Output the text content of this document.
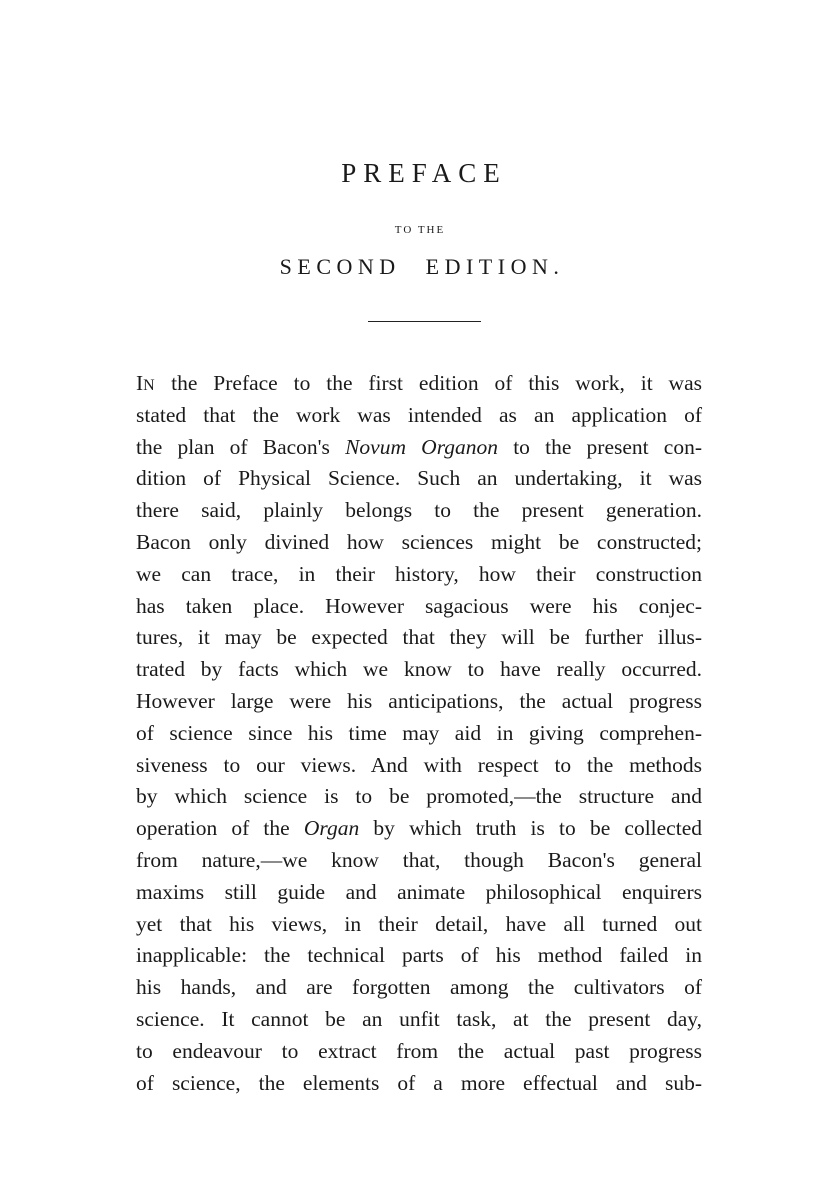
PREFACE
TO THE
SECOND EDITION.
IN the Preface to the first edition of this work, it was
stated that the work was intended as an application of
the plan of Bacon's Novum Organon to the present con-
dition of Physical Science. Such an undertaking, it was
there said, plainly belongs to the present generation.
Bacon only divined how sciences might be constructed;
we can trace, in their history, how their construction
has taken place. However sagacious were his conjec-
tures, it may be expected that they will be further illus-
trated by facts which we know to have really occurred.
However large were his anticipations, the actual progress
of science since his time may aid in giving comprehen-
siveness to our views. And with respect to the methods
by which science is to be promoted,—the structure and
operation of the Organ by which truth is to be collected
from nature,—we know that, though Bacon's general
maxims still guide and animate philosophical enquirers
yet that his views, in their detail, have all turned out
inapplicable: the technical parts of his method failed in
his hands, and are forgotten among the cultivators of
science. It cannot be an unfit task, at the present day,
to endeavour to extract from the actual past progress
of science, the elements of a more effectual and sub-
